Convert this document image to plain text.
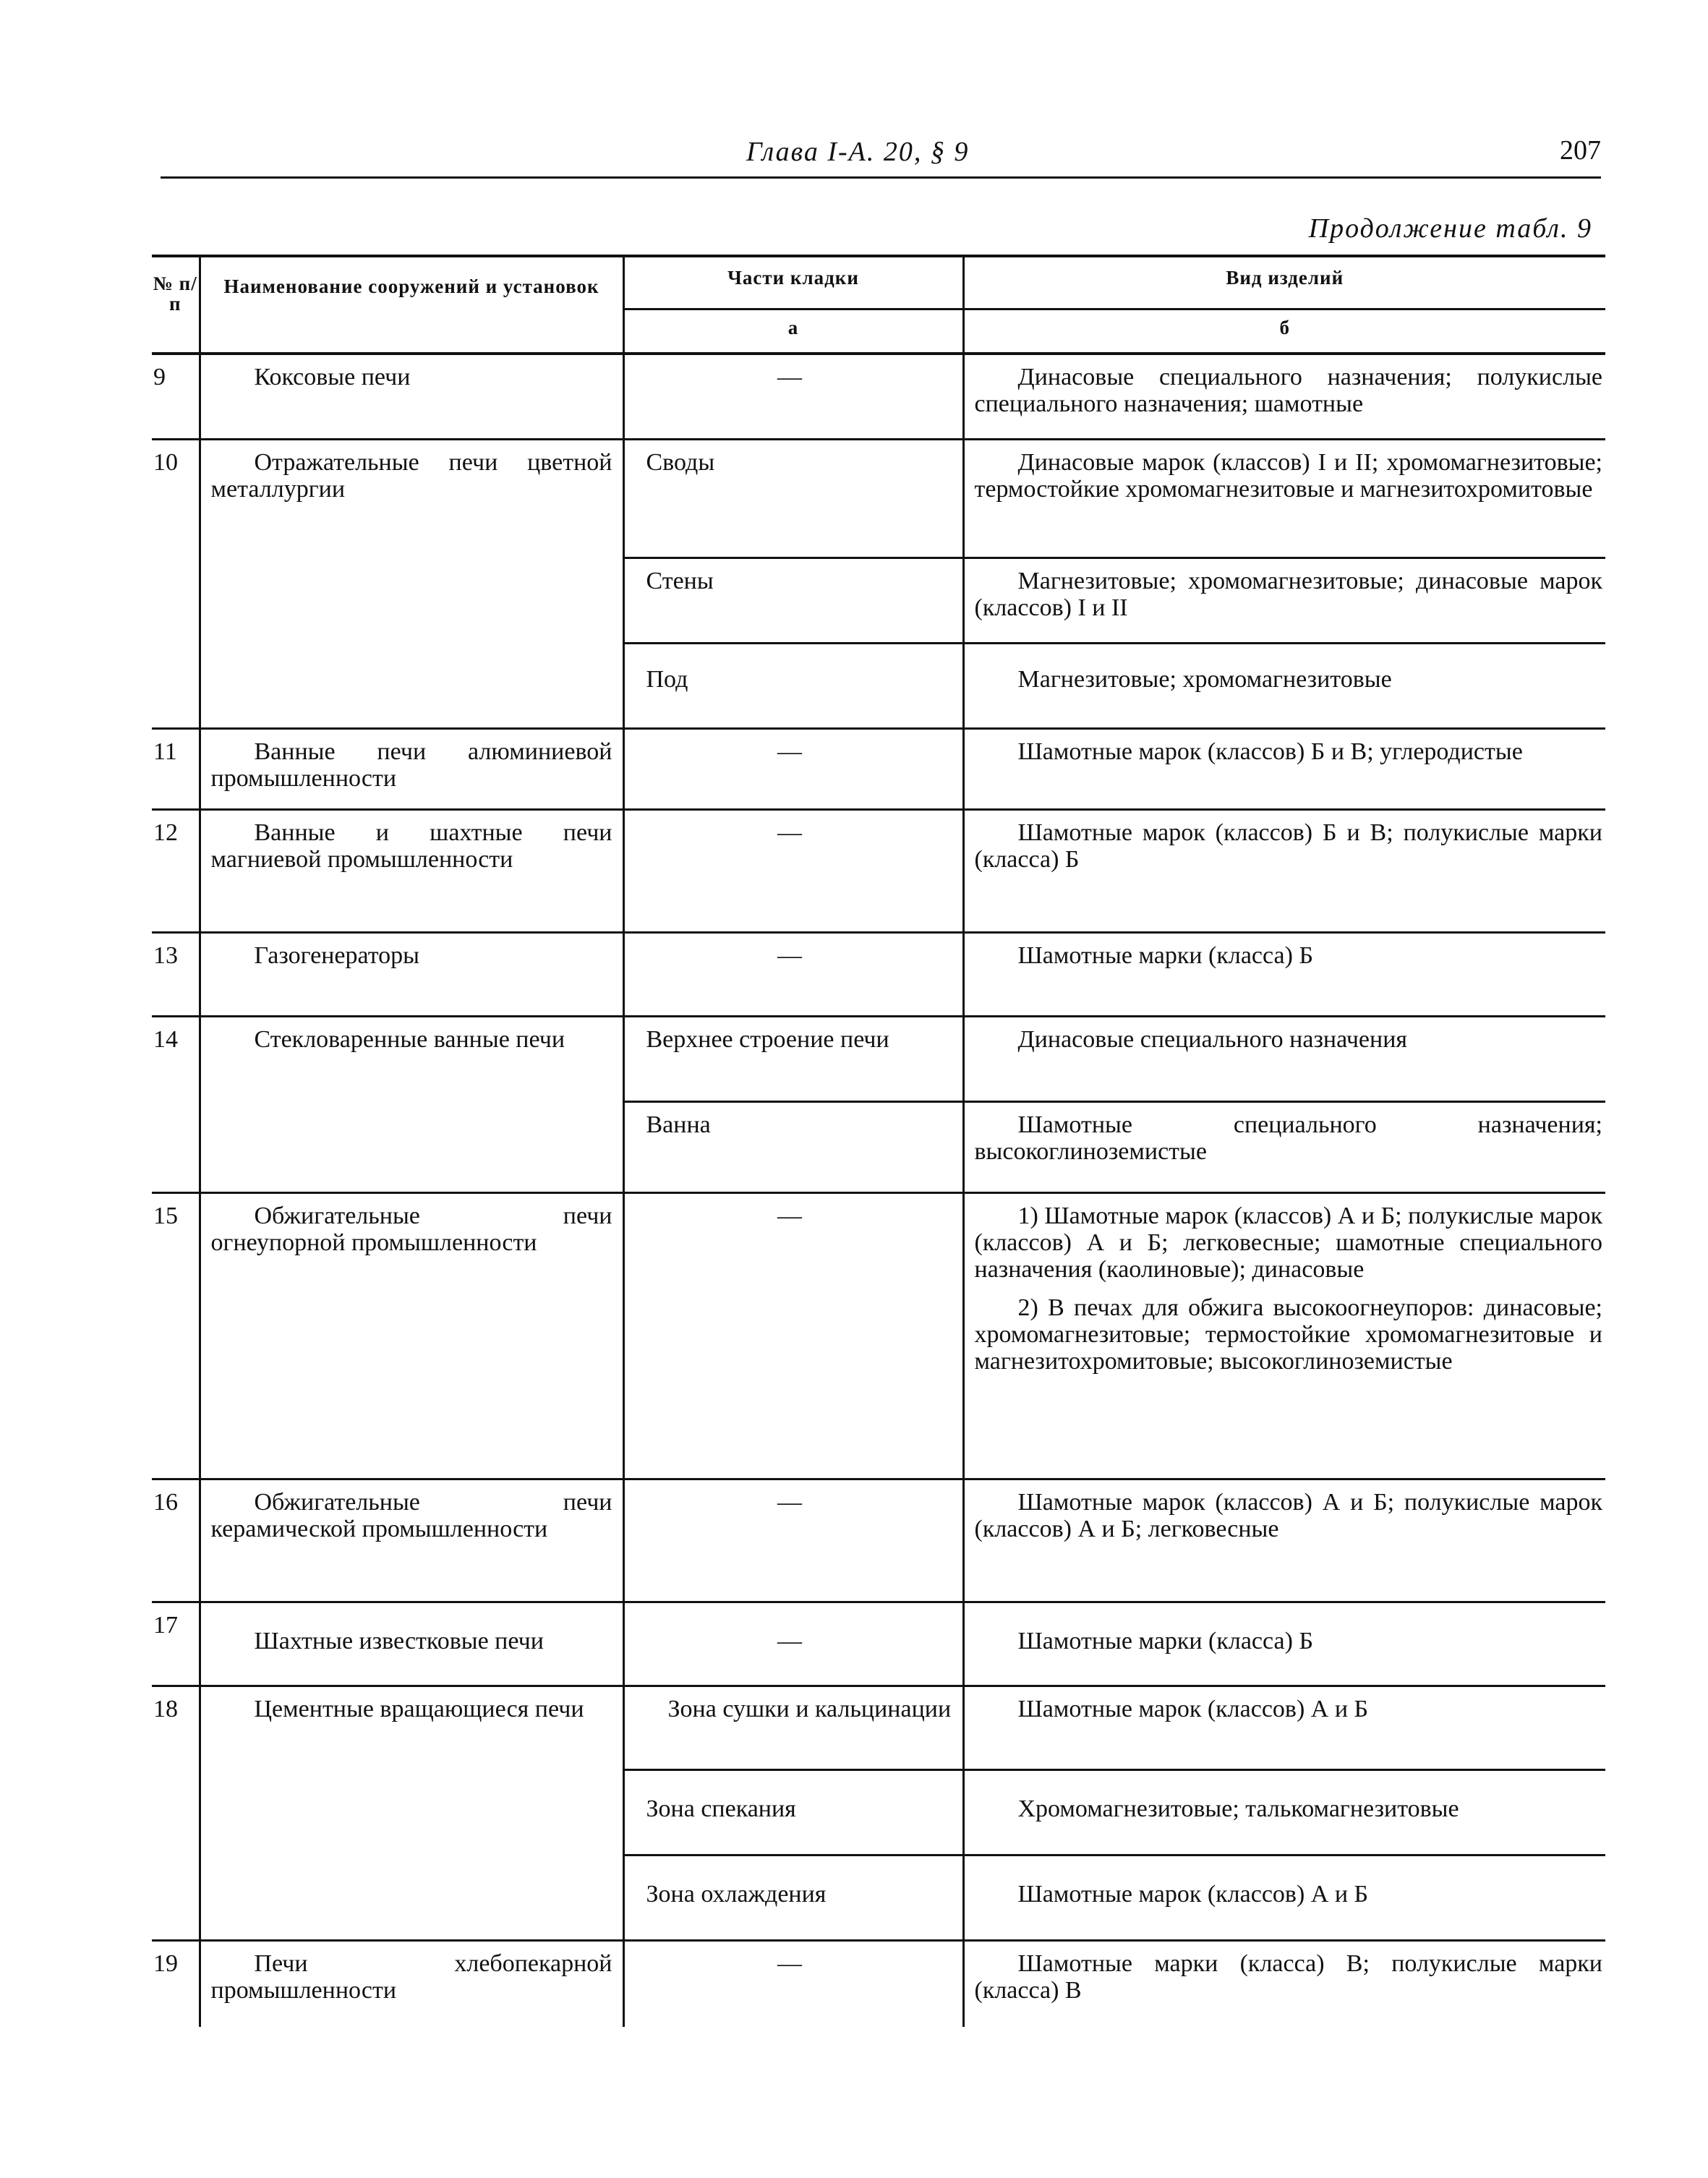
Глава I-A. 20, § 9	207
Продолжение табл. 9
№ п/п	Наименование сооружений и установок	Части кладки	Вид изделий
		а	б
9	Коксовые печи	—	Динасовые специального назначения; полукислые специального назначения; шамотные
10	Отражательные печи цветной металлургии	Своды	Динасовые марок (классов) I и II; хромомагнезитовые; термостойкие хромомагнезитовые и магнезитохромитовые
		Стены	Магнезитовые; хромомагнезитовые; динасовые марок (классов) I и II
		Под	Магнезитовые; хромомагнезитовые
11	Ванные печи алюминиевой промышленности	—	Шамотные марок (классов) Б и В; углеродистые
12	Ванные и шахтные печи магниевой промышленности	—	Шамотные марок (классов) Б и В; полукислые марки (класса) Б
13	Газогенераторы	—	Шамотные марки (класса) Б
14	Стекловаренные ванные печи	Верхнее строение печи	Динасовые специального назначения
		Ванна	Шамотные специального назначения; высокоглиноземистые
15	Обжигательные печи огнеупорной промышленности	—	1) Шамотные марок (классов) А и Б; полукислые марок (классов) А и Б; легковесные; шамотные специального назначения (каолиновые); динасовые
2) В печах для обжига высокоогнеупоров: динасовые; хромомагнезитовые; термостойкие хромомагнезитовые и магнезитохромитовые; высокоглиноземистые

16	Обжигательные печи керамической промышленности	—	Шамотные марок (классов) А и Б; полукислые марок (классов) А и Б; легковесные
17	Шахтные известковые печи	—	Шамотные марки (класса) Б
18	Цементные вращающиеся печи	Зона сушки и кальцинации	Шамотные марок (классов) А и Б
		Зона спекания	Хромомагнезитовые; талькомагнезитовые
		Зона охлаждения	Шамотные марок (классов) А и Б
19	Печи хлебопекарной промышленности	—	Шамотные марки (класса) В; полукислые марки (класса) В
